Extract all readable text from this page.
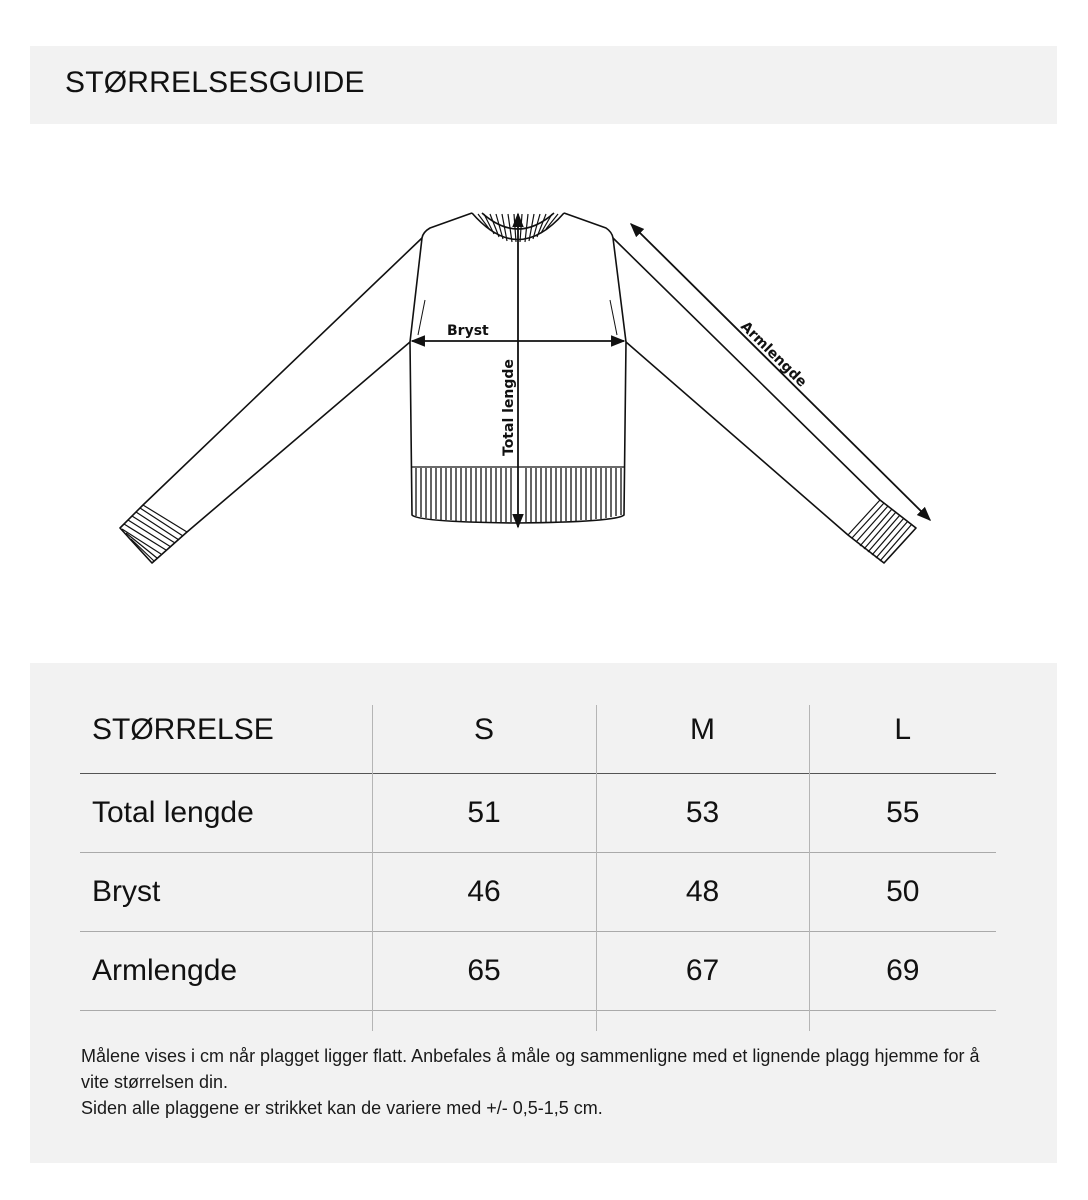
STØRRELSESGUIDE
Bryst
Total lengde
Armlengde
STØRRELSE	S	M	L
Total lengde	51	53	55
Bryst	46	48	50
Armlengde	65	67	69

Målene vises i cm når plagget ligger flatt. Anbefales å måle og sammenligne med et lignende plagg hjemme for å vite størrelsen din.

Siden alle plaggene er strikket kan de variere med +/- 0,5-1,5 cm.
